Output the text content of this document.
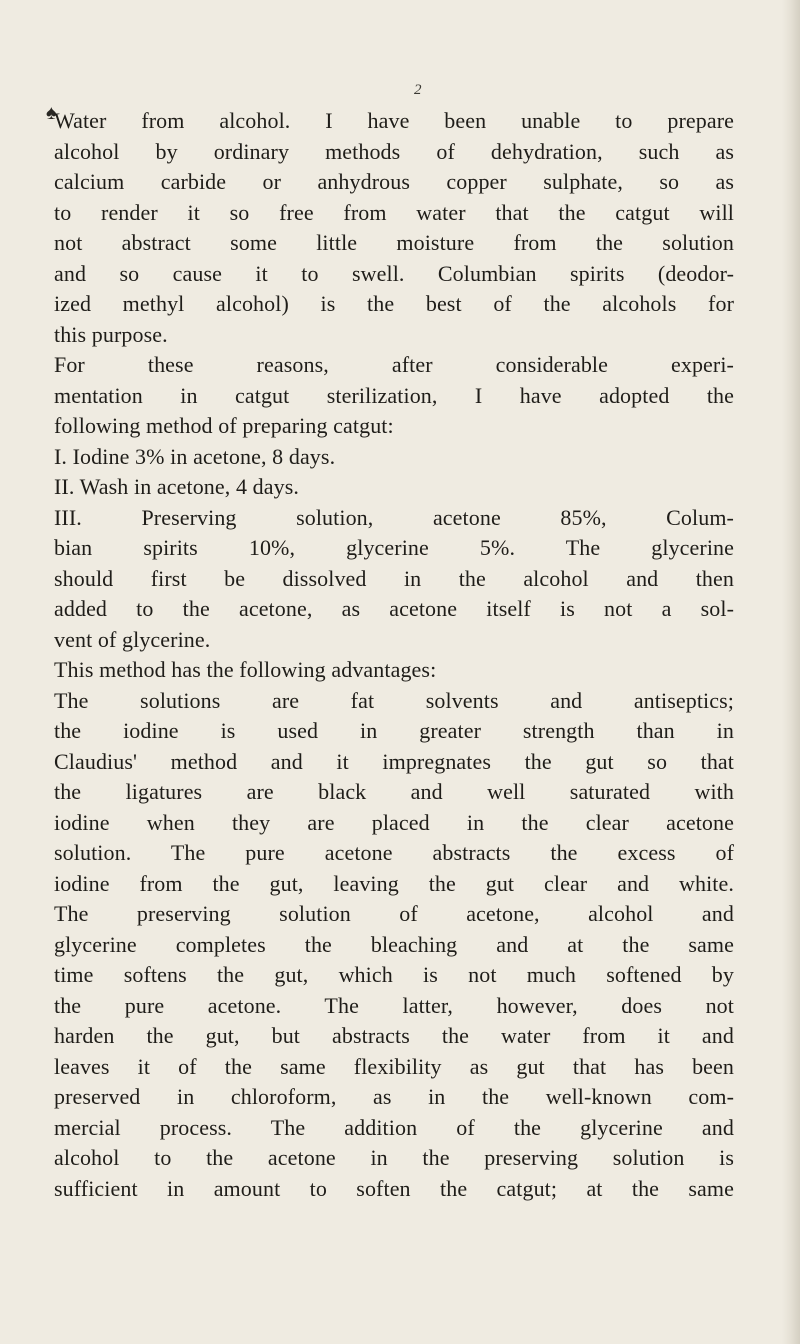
2
♠
Water from alcohol. I have been unable to prepare
alcohol by ordinary methods of dehydration, such as
calcium carbide or anhydrous copper sulphate, so as
to render it so free from water that the catgut will
not abstract some little moisture from the solution
and so cause it to swell. Columbian spirits (deodor-
ized methyl alcohol) is the best of the alcohols for
this purpose.
For these reasons, after considerable experi-
mentation in catgut sterilization, I have adopted the
following method of preparing catgut:
I. Iodine 3% in acetone, 8 days.
II. Wash in acetone, 4 days.
III. Preserving solution, acetone 85%, Colum-
bian spirits 10%, glycerine 5%. The glycerine
should first be dissolved in the alcohol and then
added to the acetone, as acetone itself is not a sol-
vent of glycerine.
This method has the following advantages:
The solutions are fat solvents and antiseptics;
the iodine is used in greater strength than in
Claudius' method and it impregnates the gut so that
the ligatures are black and well saturated with
iodine when they are placed in the clear acetone
solution. The pure acetone abstracts the excess of
iodine from the gut, leaving the gut clear and white.
The preserving solution of acetone, alcohol and
glycerine completes the bleaching and at the same
time softens the gut, which is not much softened by
the pure acetone. The latter, however, does not
harden the gut, but abstracts the water from it and
leaves it of the same flexibility as gut that has been
preserved in chloroform, as in the well-known com-
mercial process. The addition of the glycerine and
alcohol to the acetone in the preserving solution is
sufficient in amount to soften the catgut; at the same
